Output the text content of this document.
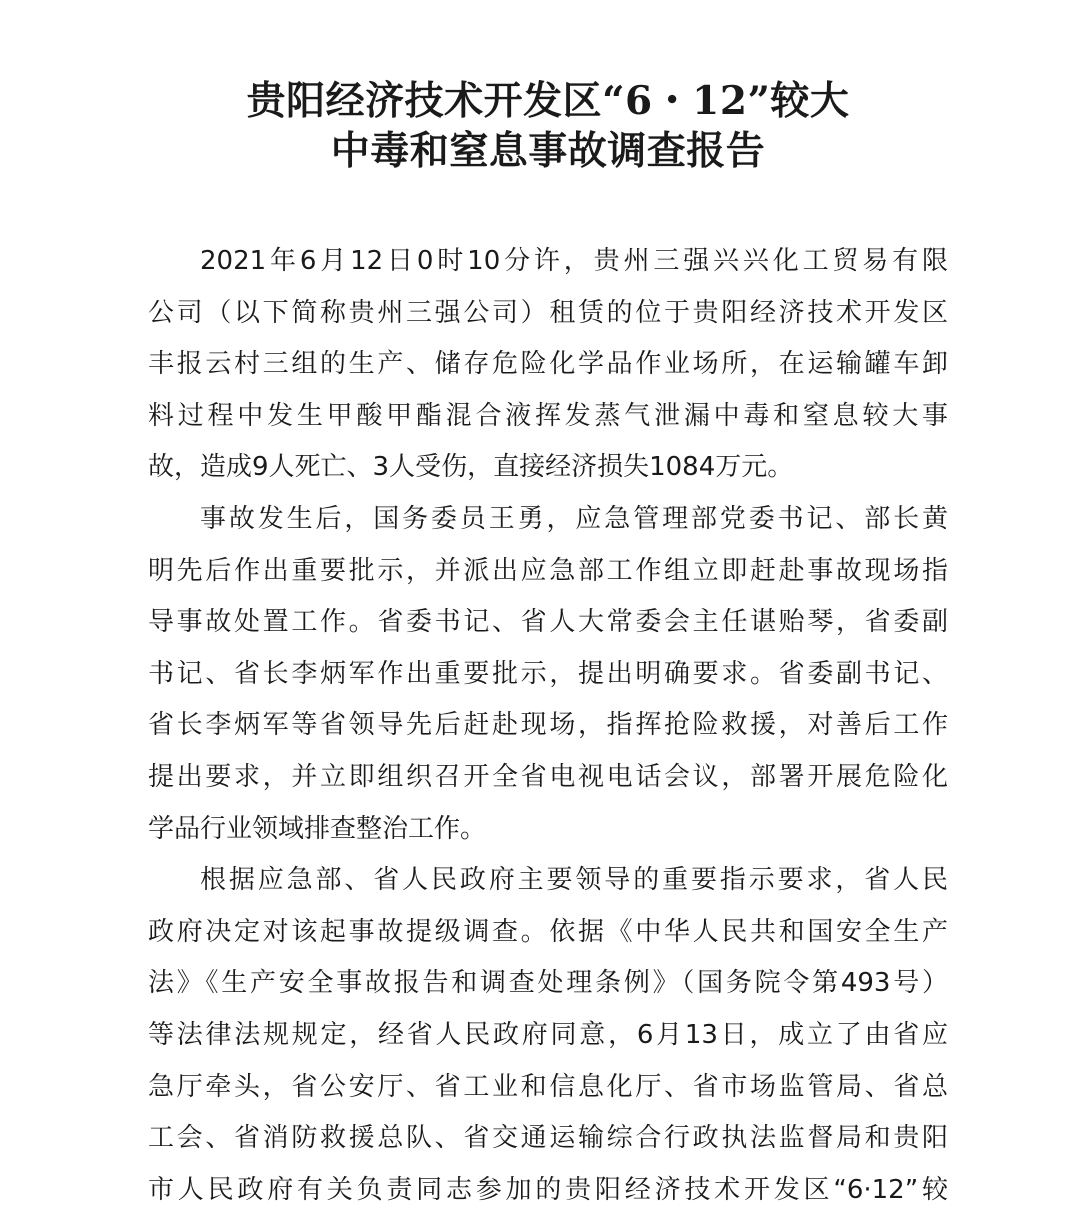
贵阳经济技术开发区“6・12”较大
中毒和窒息事故调查报告

2021年6月12日0时10分许，贵州三强兴兴化工贸易有限
公司（以下简称贵州三强公司）租赁的位于贵阳经济技术开发区
丰报云村三组的生产、储存危险化学品作业场所，在运输罐车卸
料过程中发生甲酸甲酯混合液挥发蒸气泄漏中毒和窒息较大事
故，造成9人死亡、3人受伤，直接经济损失1084万元。

事故发生后，国务委员王勇，应急管理部党委书记、部长黄
明先后作出重要批示，并派出应急部工作组立即赶赴事故现场指
导事故处置工作。省委书记、省人大常委会主任谌贻琴，省委副
书记、省长李炳军作出重要批示，提出明确要求。省委副书记、
省长李炳军等省领导先后赶赴现场，指挥抢险救援，对善后工作
提出要求，并立即组织召开全省电视电话会议，部署开展危险化
学品行业领域排查整治工作。

根据应急部、省人民政府主要领导的重要指示要求，省人民
政府决定对该起事故提级调查。依据《中华人民共和国安全生产
法》《生产安全事故报告和调查处理条例》（国务院令第493号）
等法律法规规定，经省人民政府同意，6月13日，成立了由省应
急厅牵头，省公安厅、省工业和信息化厅、省市场监管局、省总
工会、省消防救援总队、省交通运输综合行政执法监督局和贵阳
市人民政府有关负责同志参加的贵阳经济技术开发区“6·12”较
